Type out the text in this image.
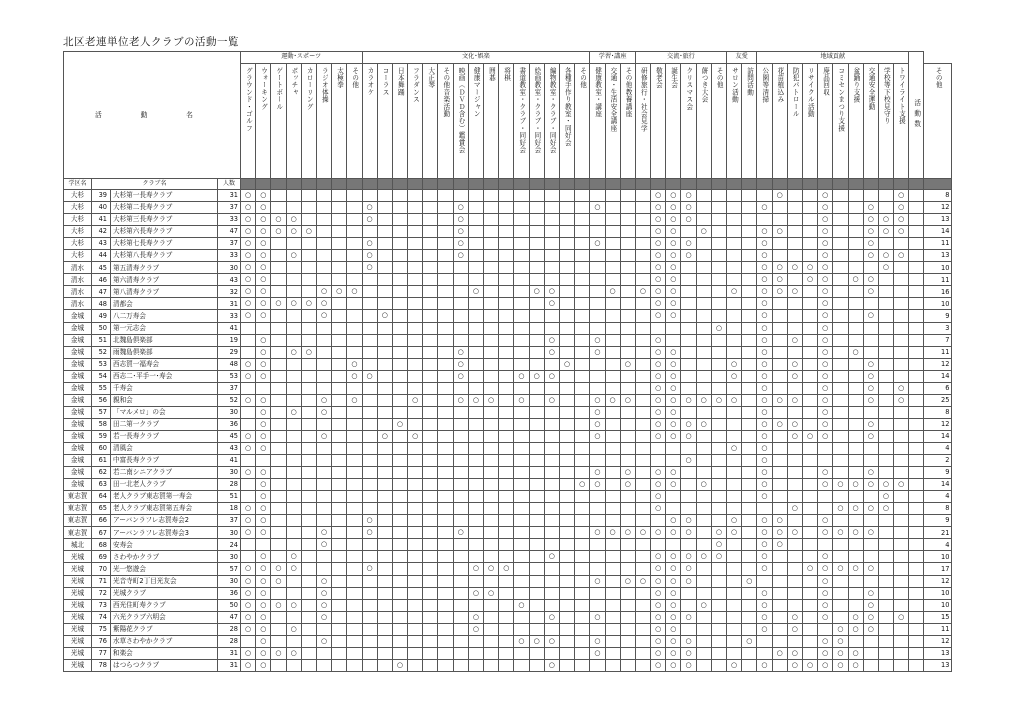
北区老連単位老人クラブの活動一覧
活　動　名				運動･スポーツ								文化･娯楽															学習･講座			交流･旅行						友愛		地域貢献										活動数	

				グラウンド・ゴルフ	ウォーキング	ゲートボール	ボッチャ	カローリング	ラジオ体操	太極拳	その他	カラオケ	コーラス	日本舞踊	フラダンス	大正琴	その他音楽活動	映画（ＤＶＤ含む）鑑賞会	健康マージャン	囲碁	将棋	書道教室・クラブ・同好会	絵画教室・クラブ・同好会	編物教室・クラブ・同好会	各種手作り教室・同好会	その他	健康教室・講座	交通・生活安全講座	その他教養講座	研修旅行・社会見学	敬老会	誕生会	クリスマス会	餅つき大会	その他	サロン活動	訪問活動	公園等清掃	花苗植込み	防犯パトロール	リサイクル活動	廃品回収	コミセンまつり支援	盆踊り支援	交通安全運動	学校等下校見守り	トワイライト支援		その他

学区名	クラブ名		人数																																														
大杉	39	大杉第一長寿クラブ	31	○	○																										○	○	○						○			○					○		8
大杉	40	大杉第二長寿クラブ	37	○	○							○						○									○				○	○	○					○				○			○		○		12
大杉	41	大杉第三長寿クラブ	33	○	○	○	○					○						○													○	○	○									○			○	○	○		13
大杉	42	大杉第六長寿クラブ	47	○	○	○	○	○										○													○	○		○				○	○			○			○	○	○		14
大杉	43	大杉第七長寿クラブ	37	○	○							○						○									○				○	○	○					○				○			○				11
大杉	44	大杉第八長寿クラブ	33	○	○		○					○						○													○	○	○					○				○			○	○	○		13
清水	45	第五清寿クラブ	30	○	○							○																			○	○						○	○	○	○	○				○			10
清水	46	第六清寿クラブ	43	○	○																										○	○						○	○		○	○		○	○				11
清水	47	第八清寿クラブ	32	○	○				○	○	○								○				○	○				○		○	○	○				○		○	○	○		○			○				16
清水	48	清都会	31	○	○	○	○	○	○															○							○	○						○				○							10
金城	49	八二万寿会	33	○	○				○				○																		○	○						○				○			○				9
金城	50	第一元志会	41																																○			○				○							3
金城	51	北魏島倶楽部	19		○																			○			○				○							○		○		○							7
金城	52	雨魏島倶楽部	29		○		○	○										○						○			○				○	○						○				○		○					11
金城	53	西志賀一福寿会	48	○	○						○							○							○				○		○	○				○		○		○		○			○				12
金城	54	西志二･平手一･寿会	53	○	○						○	○						○				○	○	○							○	○				○		○		○		○			○				14
金城	55	千寿会	37																												○	○						○				○			○		○		6
金城	56	親和会	52	○	○				○		○				○			○	○	○		○		○			○	○	○		○	○	○	○	○	○		○	○	○		○			○		○		25
金城	57	「マルメロ」の会	30		○		○		○																		○				○	○						○				○							8
金城	58	田二第一クラブ	36		○									○													○				○	○	○	○				○	○	○		○			○				12
金城	59	若一長寿クラブ	45	○	○				○				○		○												○				○	○	○					○		○	○	○			○				14
金城	60	清風会	43	○	○																															○		○											4
金城	61	中富長寿クラブ	41																														○					○											2
金城	62	若二南シニアクラブ	30	○	○																						○		○		○	○						○				○			○				9
金城	63	田一北老人クラブ	28		○																					○	○		○		○	○		○				○				○	○	○	○	○	○		14
東志賀	64	老人クラブ東志賀第一寿会	51		○																										○							○								○			4
東志賀	65	老人クラブ東志賀第五寿会	18	○	○																										○									○			○	○	○	○			8
東志賀	66	アーバンラフレ志賀寿会2	37	○	○							○																				○	○			○		○	○			○							9
東志賀	67	アーバンラフレ志賀寿会3	30	○	○				○			○						○									○	○	○	○	○	○	○		○	○		○	○	○		○	○	○	○				21
城北	68	安寿会	24						○																										○			○	○										4
光城	69	さわやかクラブ	30		○		○																	○							○	○	○	○	○			○				○							10
光城	70	光一悠遊会	57	○	○	○	○					○							○	○	○										○	○	○					○			○	○	○	○	○				17
光城	71	光音寺町2丁目光友会	30	○	○	○			○																		○		○	○	○	○	○				○					○							12
光城	72	光城クラブ	36	○	○				○										○	○											○	○						○				○			○				10
光城	73	西光住町寿クラブ	50	○	○	○	○		○													○									○	○		○				○				○			○				10
光城	74	六光クラブ六明会	47	○	○				○										○					○			○				○	○	○					○		○		○		○	○		○		15
光城	75	紫陽花クラブ	28	○	○		○												○												○	○						○		○			○	○	○				11
光城	76	水草さわやかクラブ	28		○				○													○	○	○			○				○	○	○				○					○	○						12
光城	77	和楽会	31	○	○	○	○																				○				○	○	○						○	○		○	○	○					13
光城	78	はつらつクラブ	31	○	○									○										○							○	○	○			○		○		○	○	○	○	○					13
